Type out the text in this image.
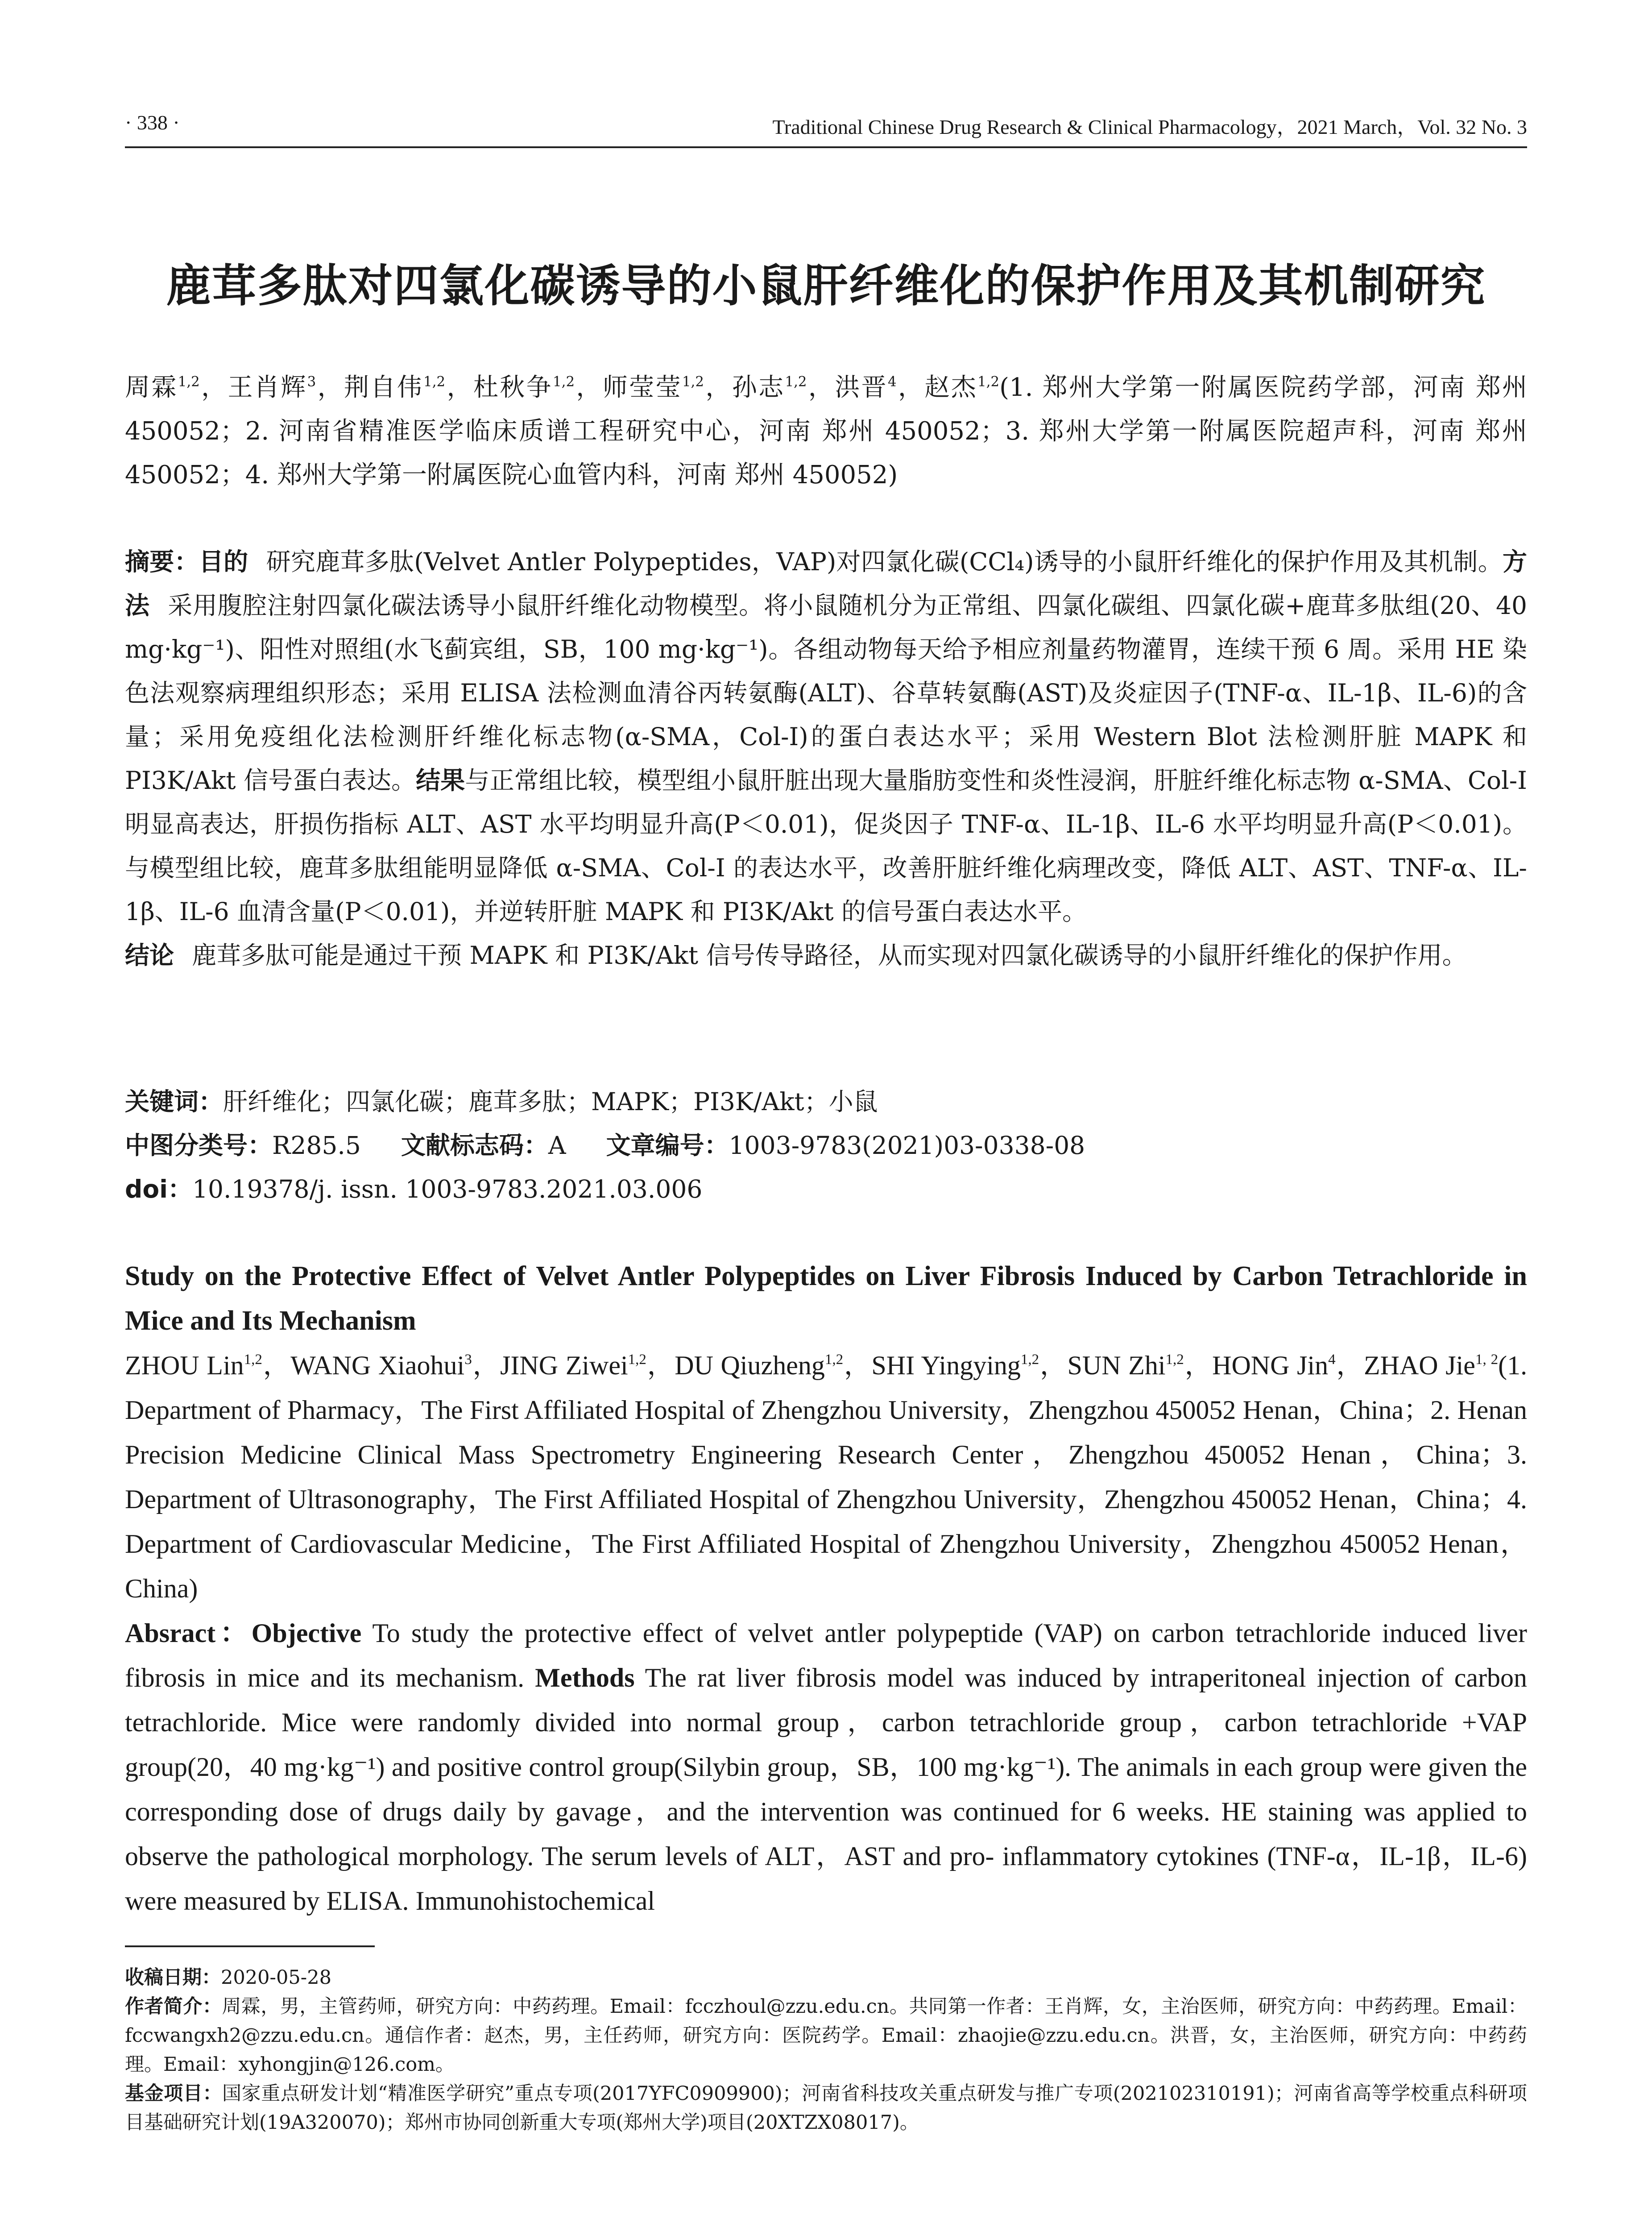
· 338 ·	Traditional Chinese Drug Research & Clinical Pharmacology，2021 March，Vol. 32 No. 3
鹿茸多肽对四氯化碳诱导的小鼠肝纤维化的保护作用及其机制研究
周霖$^{1,2}$，王肖辉$^3$，荆自伟$^{1,2}$，杜秋争$^{1,2}$，师莹莹$^{1,2}$，孙志$^{1,2}$，洪晋$^4$，赵杰$^{1,2}$(1. 郑州大学第一附属医院药学部，河南 郑州 450052；2. 河南省精准医学临床质谱工程研究中心，河南 郑州 450052；3. 郑州大学第一附属医院超声科，河南 郑州 450052；4. 郑州大学第一附属医院心血管内科，河南 郑州 450052)
摘要：目的 研究鹿茸多肽(Velvet Antler Polypeptides，VAP)对四氯化碳(CCl₄)诱导的小鼠肝纤维化的保护作用及其机制。方法 采用腹腔注射四氯化碳法诱导小鼠肝纤维化动物模型。将小鼠随机分为正常组、四氯化碳组、四氯化碳+鹿茸多肽组(20、40 mg·kg⁻¹)、阳性对照组(水飞蓟宾组，SB，100 mg·kg⁻¹)。各组动物每天给予相应剂量药物灌胃，连续干预 6 周。采用 HE 染色法观察病理组织形态；采用 ELISA 法检测血清谷丙转氨酶(ALT)、谷草转氨酶(AST)及炎症因子(TNF-α、IL-1β、IL-6)的含量；采用免疫组化法检测肝纤维化标志物(α-SMA，Col-I)的蛋白表达水平；采用 Western Blot 法检测肝脏 MAPK 和 PI3K/Akt 信号蛋白表达。结果与正常组比较，模型组小鼠肝脏出现大量脂肪变性和炎性浸润，肝脏纤维化标志物 α-SMA、Col-I 明显高表达，肝损伤指标 ALT、AST 水平均明显升高(P＜0.01)，促炎因子 TNF-α、IL-1β、IL-6 水平均明显升高(P＜0.01)。与模型组比较，鹿茸多肽组能明显降低 α-SMA、Col-I 的表达水平，改善肝脏纤维化病理改变，降低 ALT、AST、TNF-α、IL-1β、IL-6 血清含量(P＜0.01)，并逆转肝脏 MAPK 和 PI3K/Akt 的信号蛋白表达水平。
结论 鹿茸多肽可能是通过干预 MAPK 和 PI3K/Akt 信号传导路径，从而实现对四氯化碳诱导的小鼠肝纤维化的保护作用。
关键词：肝纤维化；四氯化碳；鹿茸多肽；MAPK；PI3K/Akt；小鼠
中图分类号：R285.5 文献标志码：A 文章编号：1003-9783(2021)03-0338-08
doi：10.19378/j. issn. 1003-9783.2021.03.006
Study on the Protective Effect of Velvet Antler Polypeptides on Liver Fibrosis Induced by Carbon Tetrachloride in Mice and Its Mechanism
ZHOU Lin$^{1,2}$，WANG Xiaohui$^3$，JING Ziwei$^{1,2}$，DU Qiuzheng$^{1,2}$，SHI Yingying$^{1,2}$，SUN Zhi$^{1,2}$，HONG Jin$^4$，ZHAO Jie$^{1, 2}$(1. Department of Pharmacy，The First Affiliated Hospital of Zhengzhou University，Zhengzhou 450052 Henan，China；2. Henan Precision Medicine Clinical Mass Spectrometry Engineering Research Center，Zhengzhou 450052 Henan，China；3. Department of Ultrasonography，The First Affiliated Hospital of Zhengzhou University，Zhengzhou 450052 Henan，China；4. Department of Cardiovascular Medicine，The First Affiliated Hospital of Zhengzhou University，Zhengzhou 450052 Henan，China)
Absract：Objective To study the protective effect of velvet antler polypeptide (VAP) on carbon tetrachloride induced liver fibrosis in mice and its mechanism. Methods The rat liver fibrosis model was induced by intraperitoneal injection of carbon tetrachloride. Mice were randomly divided into normal group，carbon tetrachloride group，carbon tetrachloride +VAP group(20，40 mg·kg⁻¹) and positive control group(Silybin group，SB，100 mg·kg⁻¹). The animals in each group were given the corresponding dose of drugs daily by gavage，and the intervention was continued for 6 weeks. HE staining was applied to observe the pathological morphology. The serum levels of ALT，AST and pro- inflammatory cytokines (TNF-α，IL-1β，IL-6) were measured by ELISA. Immunohistochemical

收稿日期：2020-05-28

作者简介：周霖，男，主管药师，研究方向：中药药理。Email：fcczhoul@zzu.edu.cn。共同第一作者：王肖辉，女，主治医师，研究方向：中药药理。Email：fccwangxh2@zzu.edu.cn。通信作者：赵杰，男，主任药师，研究方向：医院药学。Email：zhaojie@zzu.edu.cn。洪晋，女，主治医师，研究方向：中药药理。Email：xyhongjin@126.com。

基金项目：国家重点研发计划“精准医学研究”重点专项(2017YFC0909900)；河南省科技攻关重点研发与推广专项(202102310191)；河南省高等学校重点科研项目基础研究计划(19A320070)；郑州市协同创新重大专项(郑州大学)项目(20XTZX08017)。
